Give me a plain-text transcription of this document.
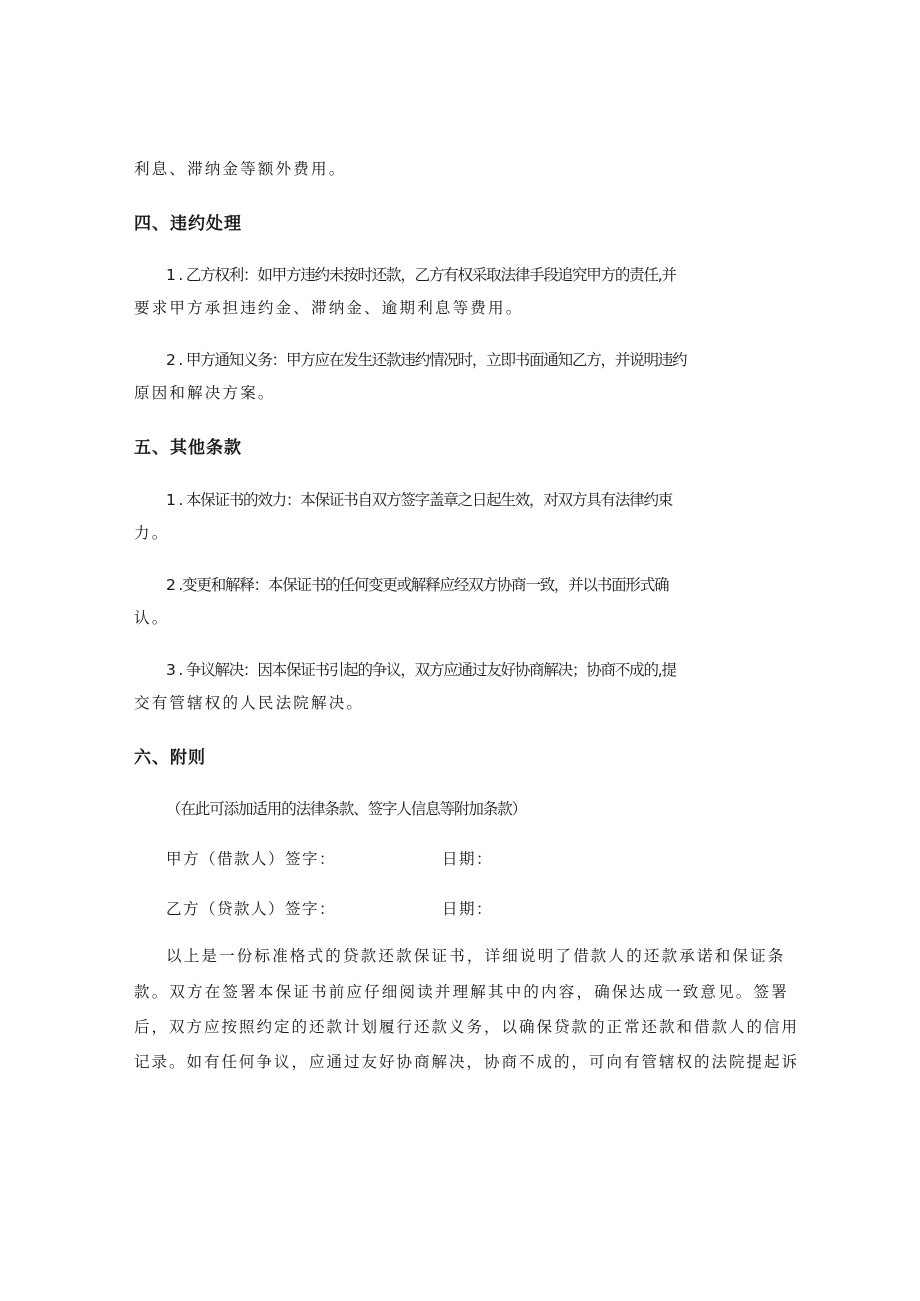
利息、滞纳金等额外费用。
四、违约处理
1 . 乙方权利：如甲方违约未按时还款，乙方有权采取法律手段追究甲方的责任,并
要求甲方承担违约金、滞纳金、逾期利息等费用。
2 . 甲方通知义务：甲方应在发生还款违约情况时，立即书面通知乙方，并说明违约
原因和解决方案。
五、其他条款
1 . 本保证书的效力：本保证书自双方签字盖章之日起生效，对双方具有法律约束
力。
2 .变更和解释：本保证书的任何变更或解释应经双方协商一致，并以书面形式确
认。
3 . 争议解决：因本保证书引起的争议，双方应通过友好协商解决；协商不成的,提
交有管辖权的人民法院解决。
六、附则
（在此可添加适用的法律条款、签字人信息等附加条款）
甲方（借款人）签字：	日期：
乙方（贷款人）签字：	日期：
以上是一份标准格式的贷款还款保证书，详细说明了借款人的还款承诺和保证条
款。双方在签署本保证书前应仔细阅读并理解其中的内容，确保达成一致意见。签署
后，双方应按照约定的还款计划履行还款义务，以确保贷款的正常还款和借款人的信用
记录。如有任何争议，应通过友好协商解决，协商不成的，可向有管辖权的法院提起诉
